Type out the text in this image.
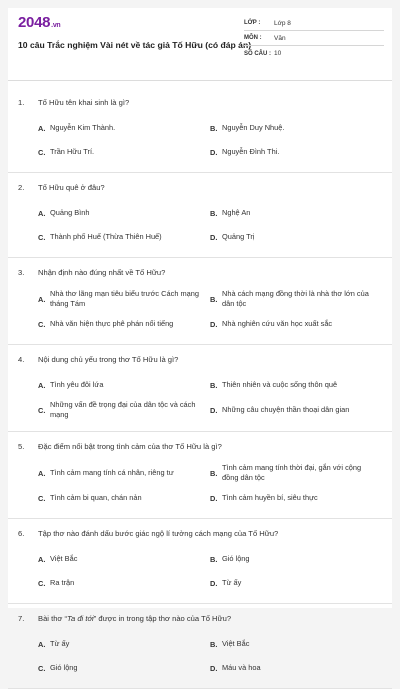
2048.vn
10 câu Trắc nghiệm Vài nét về tác giả Tố Hữu (có đáp án)
LỚP :	Lớp 8
MÔN :	Văn
SỐ CÂU : 10
1.	Tố Hữu tên khai sinh là gì?
A. Nguyễn Kim Thành.	B. Nguyễn Duy Nhuệ.
C. Trần Hữu Trí.	D. Nguyễn Đình Thi.
2.	Tố Hữu quê ở đâu?
A. Quảng Bình	B. Nghệ An
C. Thành phố Huế (Thừa Thiên Huế)	D. Quảng Trị
3.	Nhận định nào đúng nhất về Tố Hữu?
A.
Nhà thơ lãng mạn tiêu biểu trước Cách mạng tháng Tám	B.
Nhà cách mạng đồng thời là nhà thơ lớn của dân tộc
C. Nhà văn hiện thực phê phán nổi tiếng	D. Nhà nghiên cứu văn học xuất sắc
4.	Nội dung chủ yếu trong thơ Tố Hữu là gì?
A. Tình yêu đôi lứa	B. Thiên nhiên và cuộc sống thôn quê
C.
Những vấn đề trọng đại của dân tộc và cách mạng	D. Những câu chuyện thần thoại dân gian
5.	Đặc điểm nổi bật trong tình cảm của thơ Tố Hữu là gì?
A. Tình cảm mang tính cá nhân, riêng tư	B.
Tình cảm mang tính thời đại, gắn với cộng đồng dân tộc
C. Tình cảm bi quan, chán nản	D. Tình cảm huyền bí, siêu thực
6.	Tập thơ nào đánh dấu bước giác ngộ lí tưởng cách mạng của Tố Hữu?
A. Việt Bắc	B. Gió lộng
C. Ra trận	D. Từ ấy
7.	Bài thơ “Ta đi tới” được in trong tập thơ nào của Tố Hữu?
A. Từ ấy	B. Việt Bắc
C. Gió lộng	D. Máu và hoa
